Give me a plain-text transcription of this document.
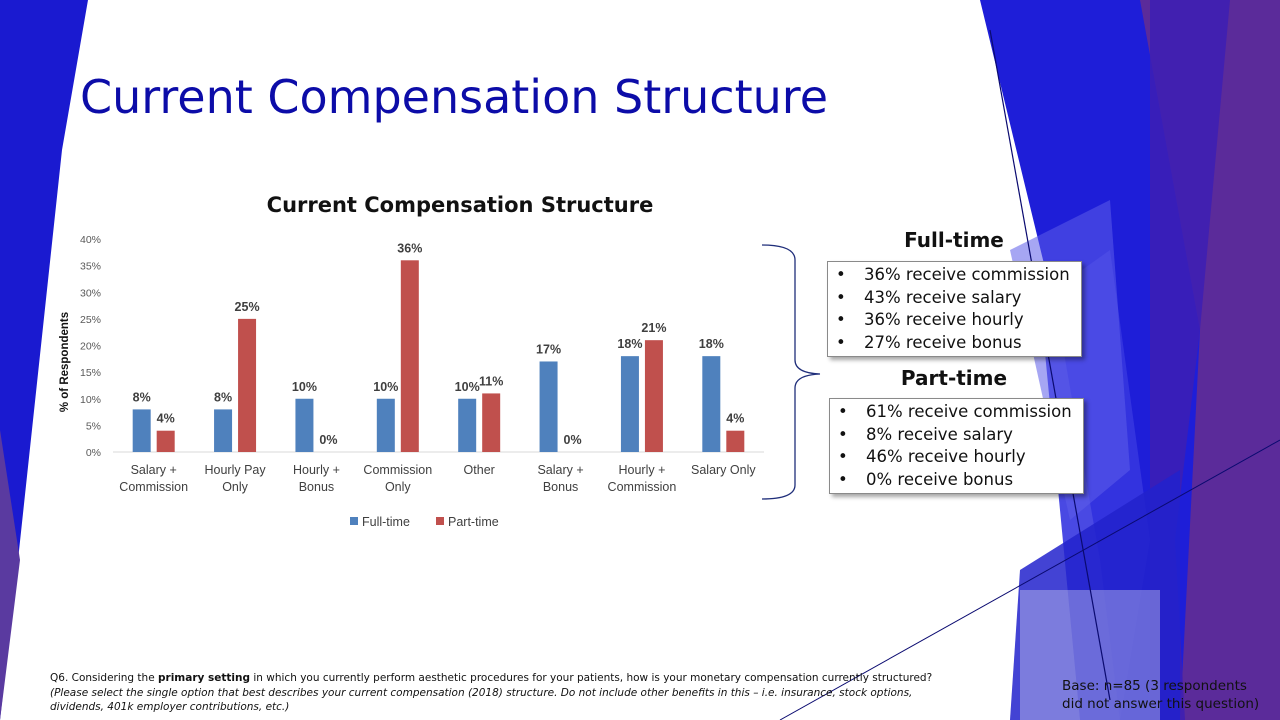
Current Compensation Structure
Current Compensation Structure
0%
5%
10%
15%
20%
25%
30%
35%
40%
% of Respondents	8%
4%
Salary +
Commission
8%
25%
Hourly Pay
Only
10%
0%
Hourly +
Bonus
10%
36%
Commission
Only
10% 11%
Other
17%
0%
Salary +
Bonus
18%
21%
Hourly +
Commission
18%
4%
Salary Only
Full-time	Part-time
Full-time
• 36% receive commission
• 43% receive salary
• 36% receive hourly
• 27% receive bonus
Part-time
• 61% receive commission
• 8% receive salary
• 46% receive hourly
• 0% receive bonus
Q6. Considering the primary setting in which you currently perform aesthetic procedures for your patients, how is your monetary compensation currently structured?
(Please select the single option that best describes your current compensation (2018) structure. Do not include other benefits in this – i.e. insurance, stock options, dividends, 401k employer contributions, etc.)
Base: n=85 (3 respondents
did not answer this question)
